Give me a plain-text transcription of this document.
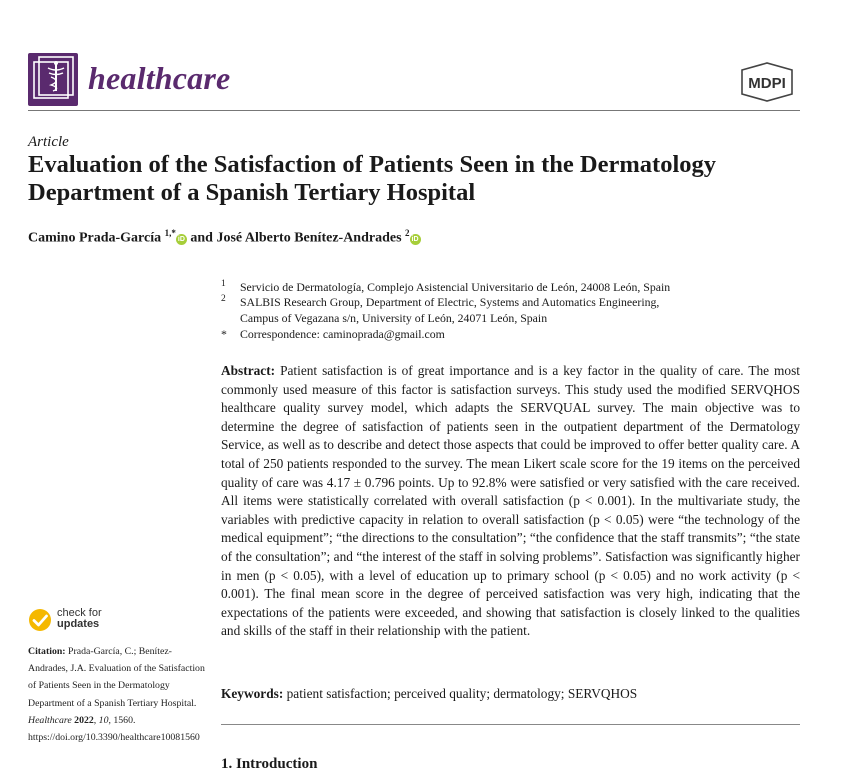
healthcare	MDPI
Article
Evaluation of the Satisfaction of Patients Seen in the Dermatology Department of a Spanish Tertiary Hospital
Camino Prada-García $^{1,*}$iD and José Alberto Benítez-Andrades $^2$iD
1 Servicio de Dermatología, Complejo Asistencial Universitario de León, 24008 León, Spain
2 SALBIS Research Group, Department of Electric, Systems and Automatics Engineering,
Campus of Vegazana s/n, University of León, 24071 León, Spain
* Correspondence: caminoprada@gmail.com
Abstract: Patient satisfaction is of great importance and is a key factor in the quality of care. The most commonly used measure of this factor is satisfaction surveys. This study used the modified SERVQHOS healthcare quality survey model, which adapts the SERVQUAL survey. The main objective was to determine the degree of satisfaction of patients seen in the outpatient department of the Dermatology Service, as well as to describe and detect those aspects that could be improved to offer better quality care. A total of 250 patients responded to the survey. The mean Likert scale score for the 19 items on the perceived quality of care was 4.17 ± 0.796 points. Up to 92.8% were satisfied or very satisfied with the care received. All items were statistically correlated with overall satisfaction (p < 0.001). In the multivariate study, the variables with predictive capacity in relation to overall satisfaction (p < 0.05) were “the technology of the medical equipment”; “the directions to the consultation”; “the confidence that the staff transmits”; “the state of the consultation”; and “the interest of the staff in solving problems”. Satisfaction was significantly higher in men (p < 0.05), with a level of education up to primary school (p < 0.05) and no work activity (p < 0.001). The final mean score in the degree of perceived satisfaction was very high, indicating that the expectations of the patients were exceeded, and showing that satisfaction is closely linked to the qualities and skills of the staff in their relationship with the patient.
Keywords: patient satisfaction; perceived quality; dermatology; SERVQHOS
1. Introduction
check for
updates
Citation: Prada-García, C.; Benítez-Andrades, J.A. Evaluation of the Satisfaction of Patients Seen in the Dermatology Department of a Spanish Tertiary Hospital. Healthcare 2022, 10, 1560. https://doi.org/10.3390/healthcare10081560
